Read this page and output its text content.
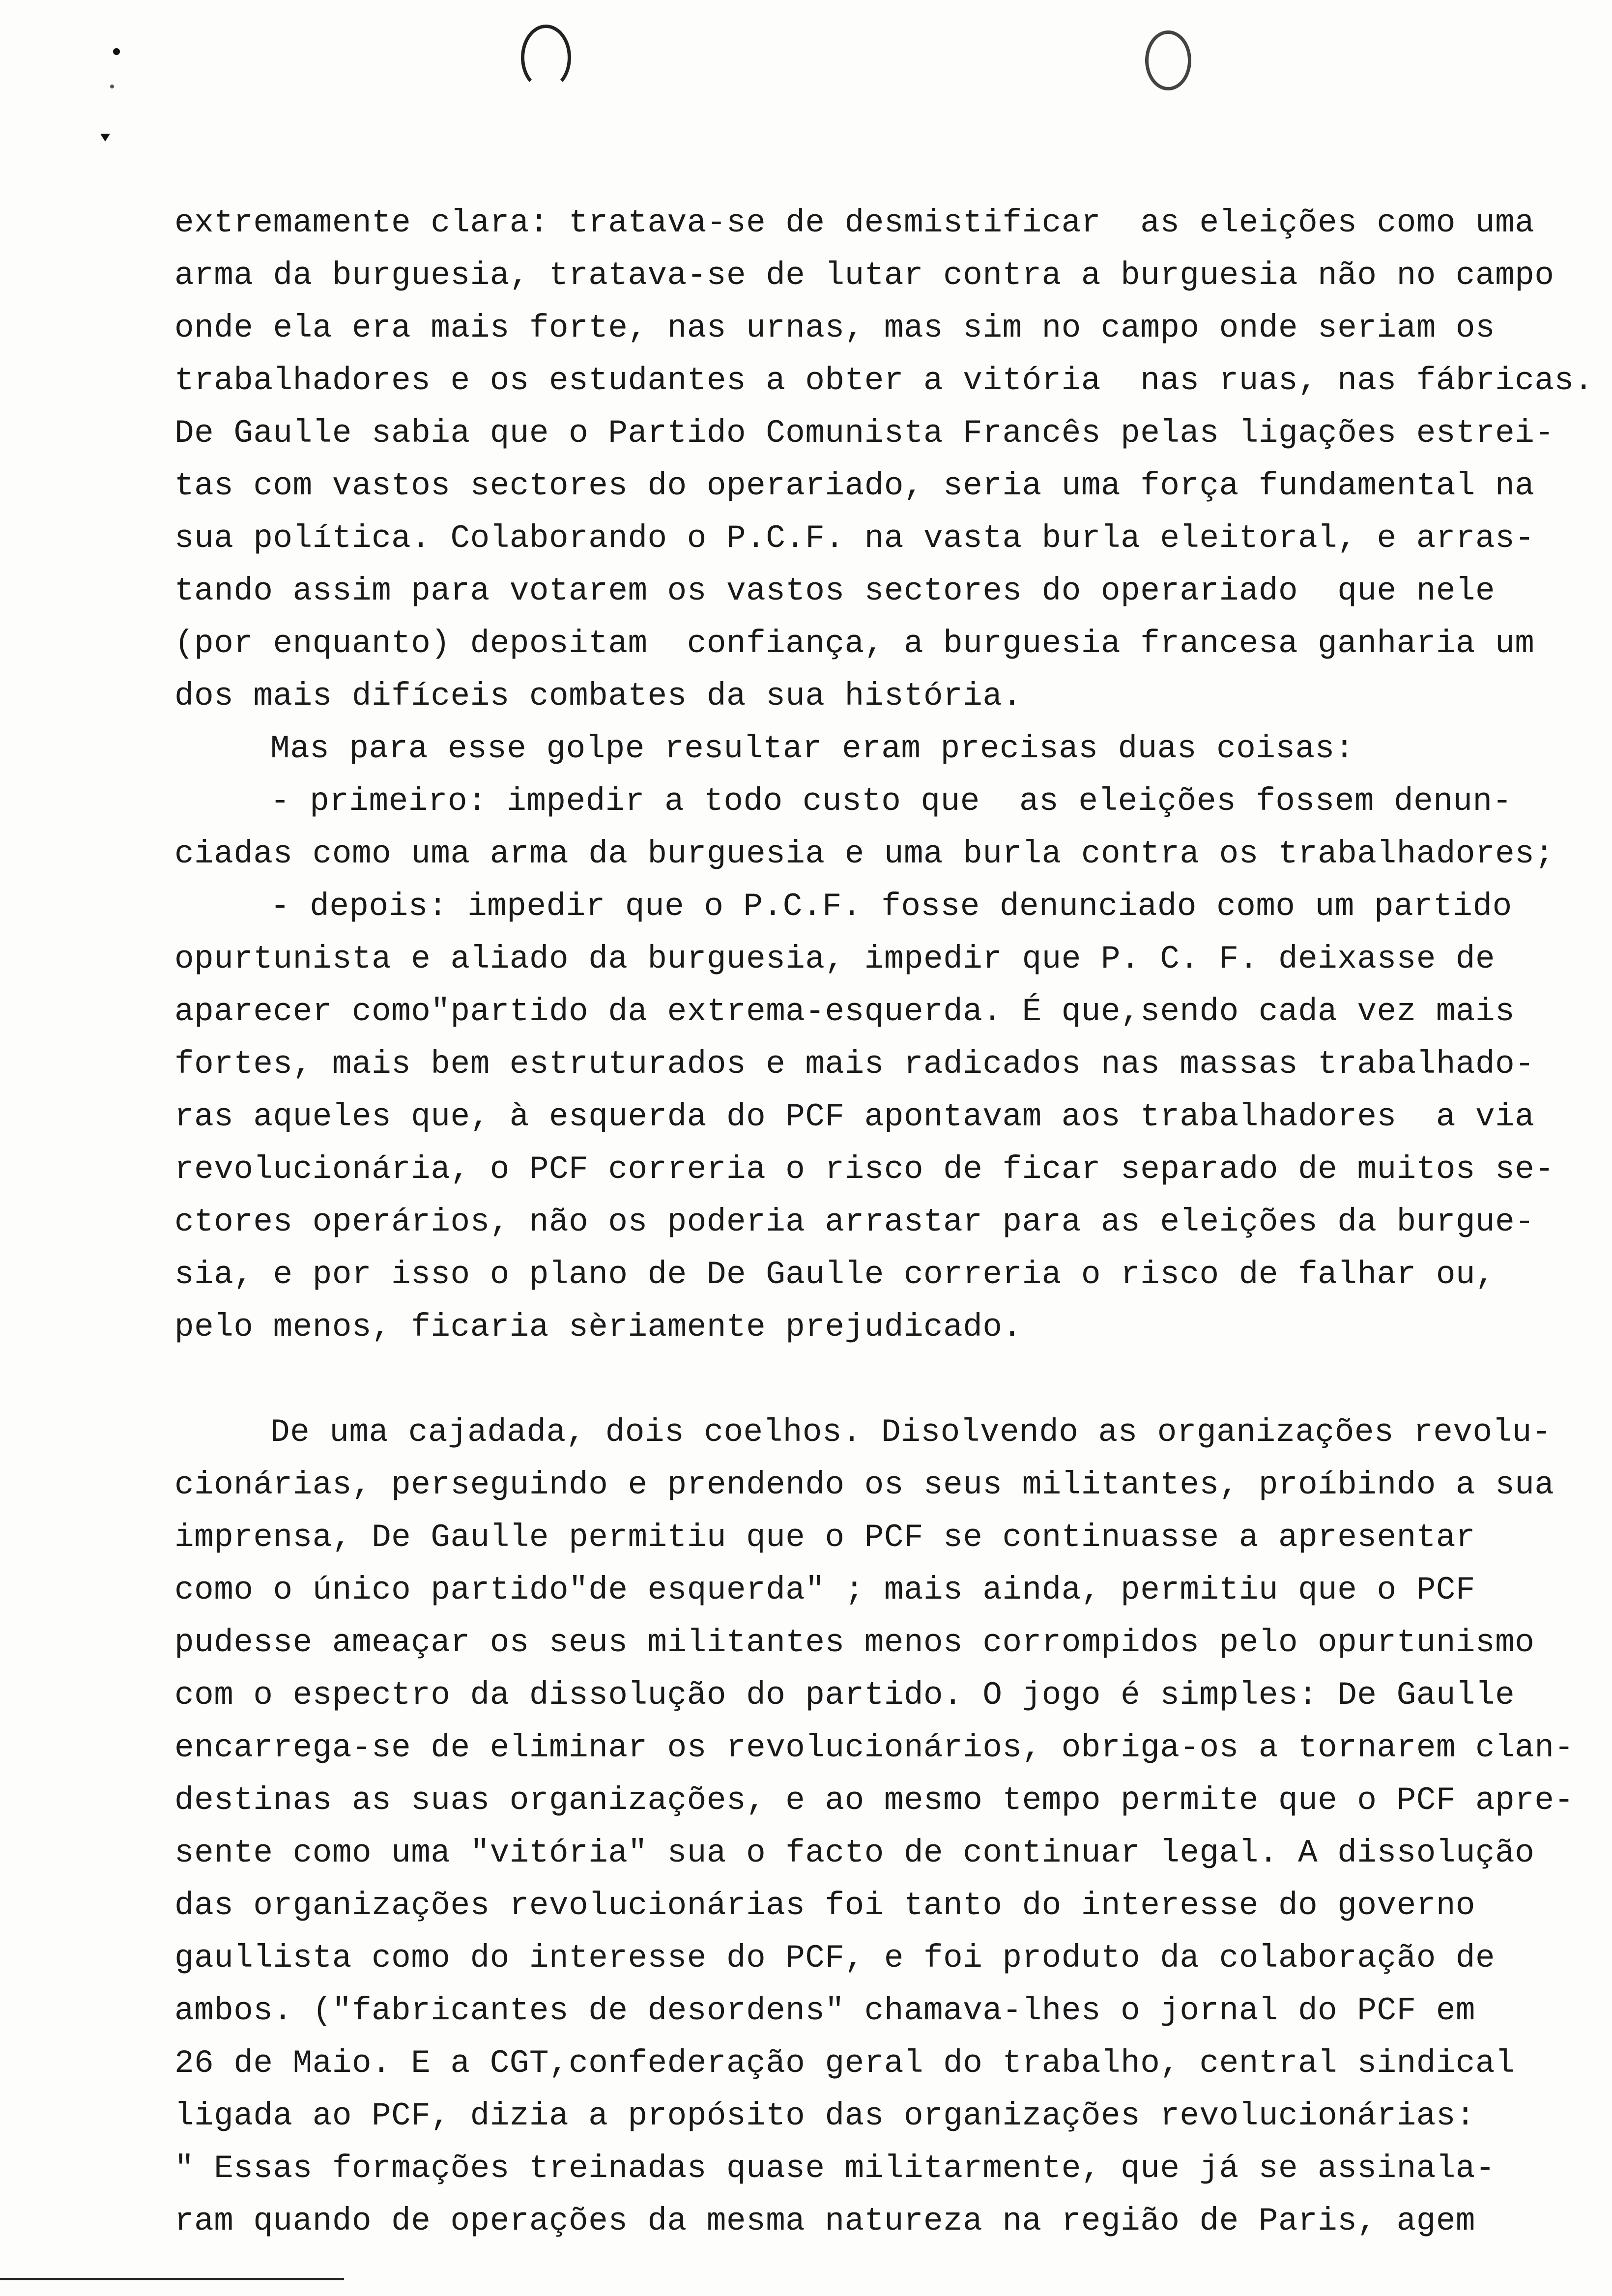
extremamente clara: tratava-se de desmistificar  as eleições como uma

arma da burguesia, tratava-se de lutar contra a burguesia não no campo

onde ela era mais forte, nas urnas, mas sim no campo onde seriam os

trabalhadores e os estudantes a obter a vitória  nas ruas, nas fábricas.

De Gaulle sabia que o Partido Comunista Francês pelas ligações estrei-

tas com vastos sectores do operariado, seria uma força fundamental na

sua política. Colaborando o P.C.F. na vasta burla eleitoral, e arras-

tando assim para votarem os vastos sectores do operariado  que nele

(por enquanto) depositam  confiança, a burguesia francesa ganharia um

dos mais difíceis combates da sua história.

Mas para esse golpe resultar eram precisas duas coisas:

- primeiro: impedir a todo custo que  as eleições fossem denun-

ciadas como uma arma da burguesia e uma burla contra os trabalhadores;

- depois: impedir que o P.C.F. fosse denunciado como um partido

opurtunista e aliado da burguesia, impedir que P. C. F. deixasse de

aparecer como"partido da extrema-esquerda. É que,sendo cada vez mais

fortes, mais bem estruturados e mais radicados nas massas trabalhado-

ras aqueles que, à esquerda do PCF apontavam aos trabalhadores  a via

revolucionária, o PCF correria o risco de ficar separado de muitos se-

ctores operários, não os poderia arrastar para as eleições da burgue-

sia, e por isso o plano de De Gaulle correria o risco de falhar ou,

pelo menos, ficaria sèriamente prejudicado.

De uma cajadada, dois coelhos. Disolvendo as organizações revolu-

cionárias, perseguindo e prendendo os seus militantes, proíbindo a sua

imprensa, De Gaulle permitiu que o PCF se continuasse a apresentar

como o único partido"de esquerda" ; mais ainda, permitiu que o PCF

pudesse ameaçar os seus militantes menos corrompidos pelo opurtunismo

com o espectro da dissolução do partido. O jogo é simples: De Gaulle

encarrega-se de eliminar os revolucionários, obriga-os a tornarem clan-

destinas as suas organizações, e ao mesmo tempo permite que o PCF apre-

sente como uma "vitória" sua o facto de continuar legal. A dissolução

das organizações revolucionárias foi tanto do interesse do governo

gaullista como do interesse do PCF, e foi produto da colaboração de

ambos. ("fabricantes de desordens" chamava-lhes o jornal do PCF em

26 de Maio. E a CGT,confederação geral do trabalho, central sindical

ligada ao PCF, dizia a propósito das organizações revolucionárias:

" Essas formações treinadas quase militarmente, que já se assinala-

ram quando de operações da mesma natureza na região de Paris, agem
